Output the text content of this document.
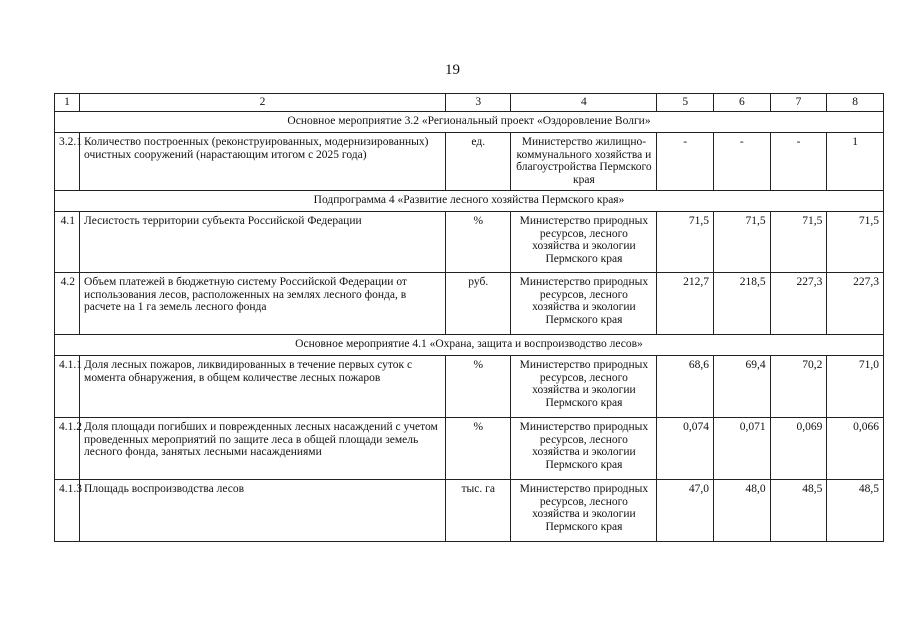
19
1	2	3	4	5	6	7	8
Основное мероприятие 3.2 «Региональный проект «Оздоровление Волги»							
3.2.1	Количество построенных (реконструированных, модернизированных) очистных сооружений (нарастающим итогом с 2025 года)	ед.	Министерство жилищно-коммунального хозяйства и благоустройства Пермского края	-	-	-	1
Подпрограмма 4 «Развитие лесного хозяйства Пермского края»							
4.1	Лесистость территории субъекта Российской Федерации	%	Министерство природных ресурсов, лесного хозяйства и экологии Пермского края	71,5	71,5	71,5	71,5
4.2	Объем платежей в бюджетную систему Российской Федерации от использования лесов, расположенных на землях лесного фонда, в расчете на 1 га земель лесного фонда	руб.	Министерство природных ресурсов, лесного хозяйства и экологии Пермского края	212,7	218,5	227,3	227,3
Основное мероприятие 4.1 «Охрана, защита и воспроизводство лесов»							
4.1.1	Доля лесных пожаров, ликвидированных в течение первых суток с момента обнаружения, в общем количестве лесных пожаров	%	Министерство природных ресурсов, лесного хозяйства и экологии Пермского края	68,6	69,4	70,2	71,0
4.1.2	Доля площади погибших и поврежденных лесных насаждений с учетом проведенных мероприятий по защите леса в общей площади земель лесного фонда, занятых лесными насаждениями	%	Министерство природных ресурсов, лесного хозяйства и экологии Пермского края	0,074	0,071	0,069	0,066
4.1.3	Площадь воспроизводства лесов	тыс. га	Министерство природных ресурсов, лесного хозяйства и экологии Пермского края	47,0	48,0	48,5	48,5
